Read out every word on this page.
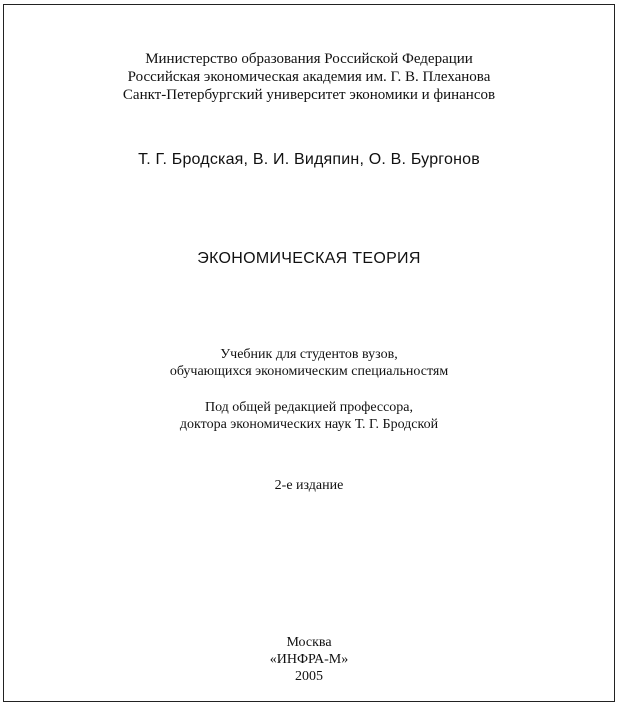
Министерство образования Российской Федерации
Российская экономическая академия им. Г. В. Плеханова
Санкт-Петербургский университет экономики и финансов
Т. Г. Бродская, В. И. Видяпин, О. В. Бургонов
ЭКОНОМИЧЕСКАЯ ТЕОРИЯ
Учебник для студентов вузов,
обучающихся экономическим специальностям
Под общей редакцией профессора,
доктора экономических наук Т. Г. Бродской
2-е издание
Москва
«ИНФРА-М»
2005
